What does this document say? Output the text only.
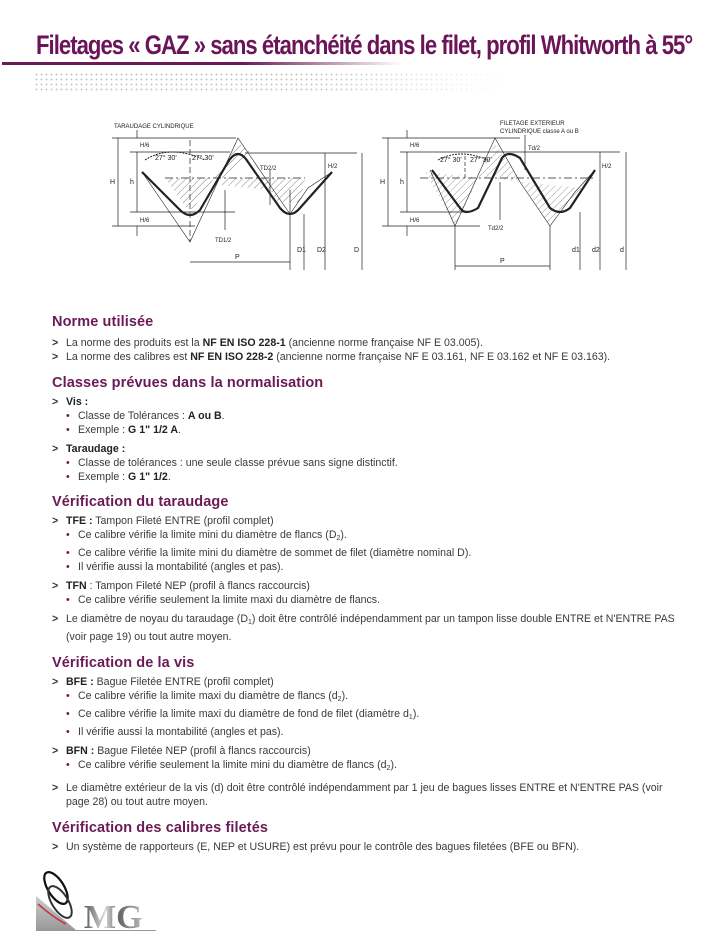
Filetages « GAZ » sans étanchéité dans le filet, profil Whitworth à 55°
TARAUDAGE CYLINDRIQUE
27° 30' 27° 30'
H h
H/6
H/6
TD2/2
TD1/2
H/2
D1 D2	D
P
FILETAGE EXTERIEUR
CYLINDRIQUE classe A ou B
27° 30' 27° 30'
H h
H/6
H/6
Td/2
Td2/2
H/2
d1 d2	d
P
Norme utilisée
> La norme des produits est la NF EN ISO 228-1 (ancienne norme française NF E 03.005).
> La norme des calibres est NF EN ISO 228-2 (ancienne norme française NF E 03.161, NF E 03.162 et NF E 03.163).
Classes prévues dans la normalisation
> Vis :
• Classe de Tolérances : A ou B.
• Exemple : G 1" 1/2 A.
> Taraudage :
• Classe de tolérances : une seule classe prévue sans signe distinctif.
• Exemple : G 1" 1/2.
Vérification du taraudage
> TFE : Tampon Fileté ENTRE (profil complet)
• Ce calibre vérifie la limite mini du diamètre de flancs $(D_2)$.
• Ce calibre vérifie la limite mini du diamètre de sommet de filet (diamètre nominal D).
• Il vérifie aussi la montabilité (angles et pas).
> TFN : Tampon Fileté NEP (profil à flancs raccourcis)
• Ce calibre vérifie seulement la limite maxi du diamètre de flancs.
> Le diamètre de noyau du taraudage $(D_1)$ doit être contrôlé indépendamment par un tampon lisse double ENTRE et N'ENTRE PAS (voir page 19) ou tout autre moyen.
Vérification de la vis
> BFE : Bague Filetée ENTRE (profil complet)
• Ce calibre vérifie la limite maxi du diamètre de flancs $(d_2)$.
• Ce calibre vérifie la limite maxi du diamètre de fond de filet (diamètre $d_1$).
• Il vérifie aussi la montabilité (angles et pas).
> BFN : Bague Filetée NEP (profil à flancs raccourcis)
• Ce calibre vérifie seulement la limite mini du diamètre de flancs $(d_2)$.
> Le diamètre extérieur de la vis (d) doit être contrôlé indépendamment par 1 jeu de bagues lisses ENTRE et N'ENTRE PAS (voir page 28) ou tout autre moyen.
Vérification des calibres filetés
> Un système de rapporteurs (E, NEP et USURE) est prévu pour le contrôle des bagues filetées (BFE ou BFN).
MG
